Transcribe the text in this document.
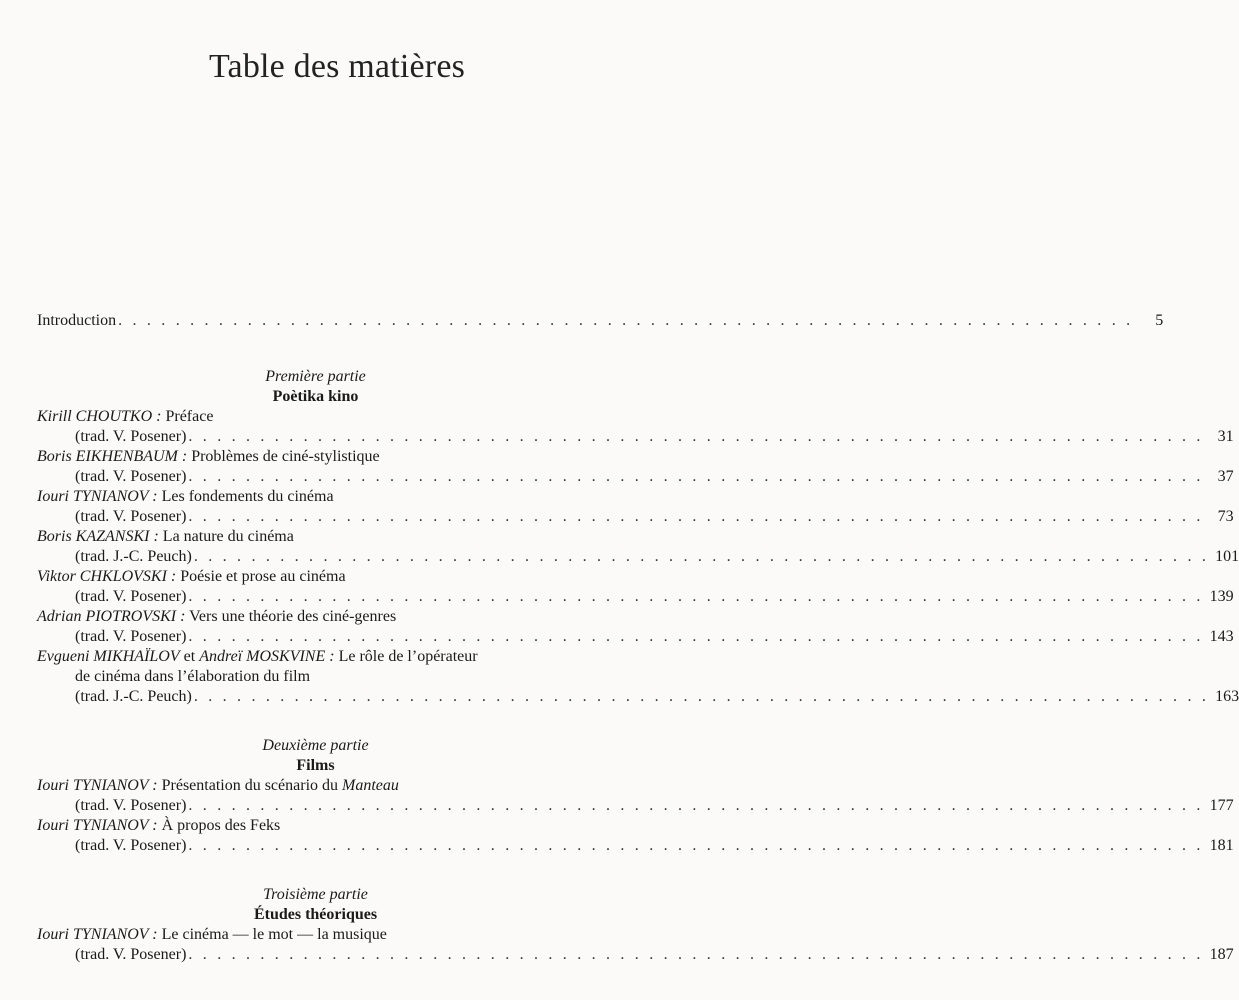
Table des matières
Introduction . . . . . . . . . . . . . . . . . . . . . . . . . . . . . . . . . . . . . . . . . . . . . . . . . . . . . . . . . . . . . . . . . . . . . . .	5
Première partie
Poètika kino
Kirill CHOUTKO : Préface
(trad. V. Posener) . . . . . . . . . . . . . . . . . . . . . . . . . . . . . . . . . . . . . . . . . . . . . . . . . . . . . . . . . . . . . . . . . . . . . . . 31
Boris EIKHENBAUM : Problèmes de ciné-stylistique
(trad. V. Posener) . . . . . . . . . . . . . . . . . . . . . . . . . . . . . . . . . . . . . . . . . . . . . . . . . . . . . . . . . . . . . . . . . . . . . . . 37
Iouri TYNIANOV : Les fondements du cinéma
(trad. V. Posener) . . . . . . . . . . . . . . . . . . . . . . . . . . . . . . . . . . . . . . . . . . . . . . . . . . . . . . . . . . . . . . . . . . . . . . . 73
Boris KAZANSKI : La nature du cinéma
(trad. J.-C. Peuch) . . . . . . . . . . . . . . . . . . . . . . . . . . . . . . . . . . . . . . . . . . . . . . . . . . . . . . . . . . . . . . . . . . . . . . . 101
Viktor CHKLOVSKI : Poésie et prose au cinéma
(trad. V. Posener) . . . . . . . . . . . . . . . . . . . . . . . . . . . . . . . . . . . . . . . . . . . . . . . . . . . . . . . . . . . . . . . . . . . . . . . 139
Adrian PIOTROVSKI : Vers une théorie des ciné-genres
(trad. V. Posener) . . . . . . . . . . . . . . . . . . . . . . . . . . . . . . . . . . . . . . . . . . . . . . . . . . . . . . . . . . . . . . . . . . . . . . . 143
Evgueni MIKHAÏLOV et Andreï MOSKVINE : Le rôle de l’opérateur
de cinéma dans l’élaboration du film
(trad. J.-C. Peuch) . . . . . . . . . . . . . . . . . . . . . . . . . . . . . . . . . . . . . . . . . . . . . . . . . . . . . . . . . . . . . . . . . . . . . . . 163
Deuxième partie
Films
Iouri TYNIANOV : Présentation du scénario du Manteau
(trad. V. Posener) . . . . . . . . . . . . . . . . . . . . . . . . . . . . . . . . . . . . . . . . . . . . . . . . . . . . . . . . . . . . . . . . . . . . . . . 177
Iouri TYNIANOV : À propos des Feks
(trad. V. Posener) . . . . . . . . . . . . . . . . . . . . . . . . . . . . . . . . . . . . . . . . . . . . . . . . . . . . . . . . . . . . . . . . . . . . . . . 181
Troisième partie
Études théoriques
Iouri TYNIANOV : Le cinéma — le mot — la musique
(trad. V. Posener) . . . . . . . . . . . . . . . . . . . . . . . . . . . . . . . . . . . . . . . . . . . . . . . . . . . . . . . . . . . . . . . . . . . . . . . 187
